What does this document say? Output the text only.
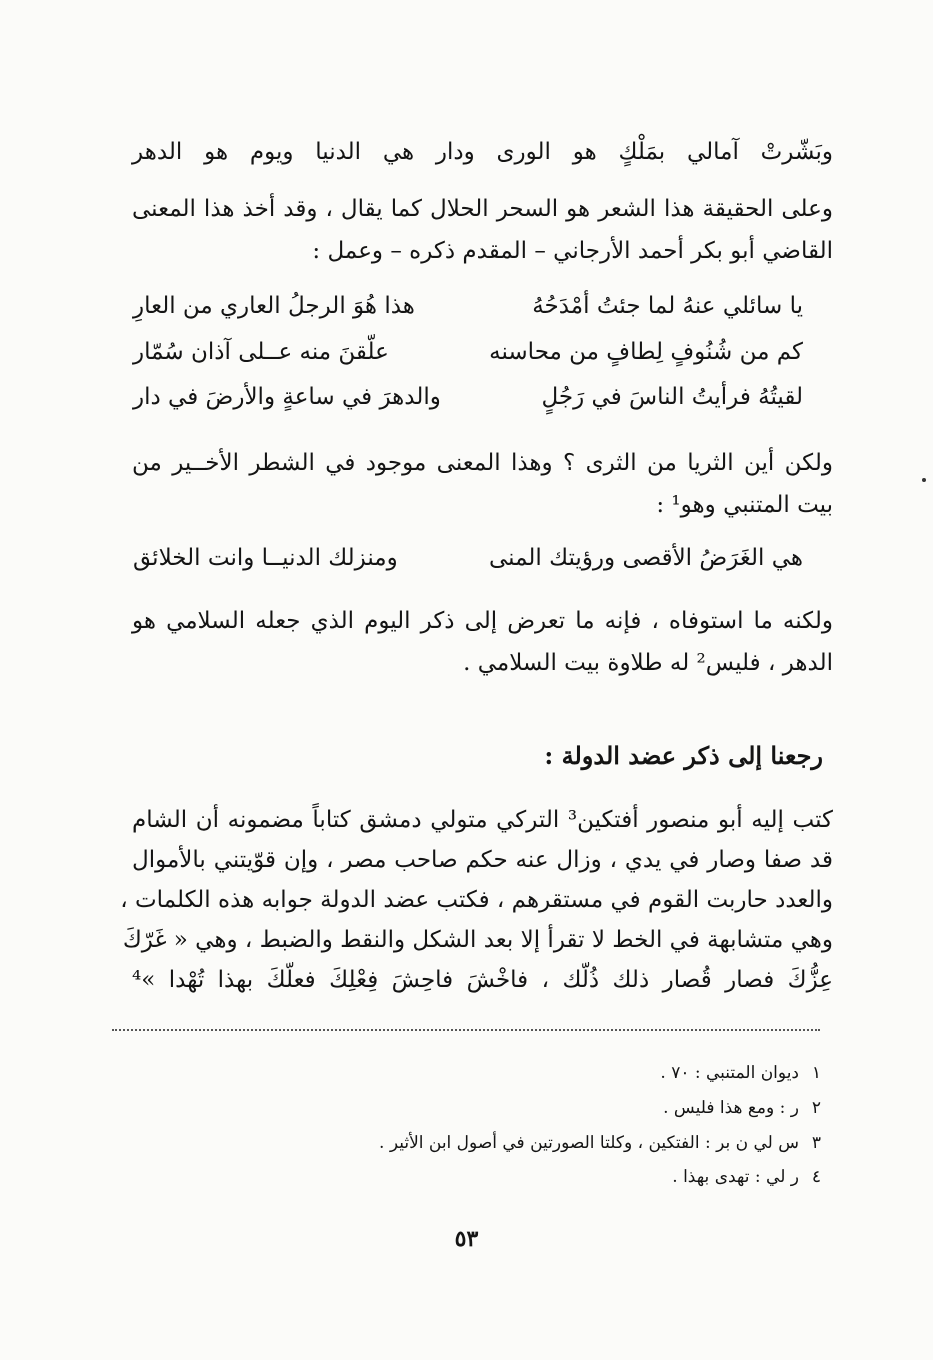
وبَشّرتْ آمالي بمَلْكٍ هو الورى ودار هي الدنيا ويوم هو الدهر
وعلى الحقيقة هذا الشعر هو السحر الحلال كما يقال ، وقد أخذ هذا المعنى
القاضي أبو بكر أحمد الأرجاني – المقدم ذكره – وعمل :
يا سائلي عنهُ لما جئتُ أمْدَحُهُ
هذا هُوَ الرجلُ العاري من العارِ
كم من شُنُوفٍ لِطافٍ من محاسنه
علّقنَ منه عــلى آذان سُمّار
لقيتُهُ فرأيتُ الناسَ في رَجُلٍ
والدهرَ في ساعةٍ والأرضَ في دار
ولكن أين الثريا من الثرى ؟ وهذا المعنى موجود في الشطر الأخــير من
بيت المتنبي وهو¹ :
هي الغَرَضُ الأقصى ورؤيتك المنى
ومنزلك الدنيــا وانت الخلائق
ولكنه ما استوفاه ، فإنه ما تعرض إلى ذكر اليوم الذي جعله السلامي هو
الدهر ، فليس² له طلاوة بيت السلامي .
رجعنا إلى ذكر عضد الدولة :
كتب إليه أبو منصور أفتكين³ التركي متولي دمشق كتاباً مضمونه أن الشام
قد صفا وصار في يدي ، وزال عنه حكم صاحب مصر ، وإن قوّيتني بالأموال
والعدد حاربت القوم في مستقرهم ، فكتب عضد الدولة جوابه هذه الكلمات ،
وهي متشابهة في الخط لا تقرأ إلا بعد الشكل والنقط والضبط ، وهي « غَرّكَ
عِزُّكَ فصار قُصار ذلك ذُلّك ، فاخْشَ فاحِشَ فِعْلِكَ فعلّكَ بهذا تُهْدا »⁴
١ديوان المتنبي : ٧٠ .
٢ر : ومع هذا فليس .
٣س لي ن بر : الفتكين ، وكلتا الصورتين في أصول ابن الأثير .
٤ر لي : تهدى بهذا .
٥٣
